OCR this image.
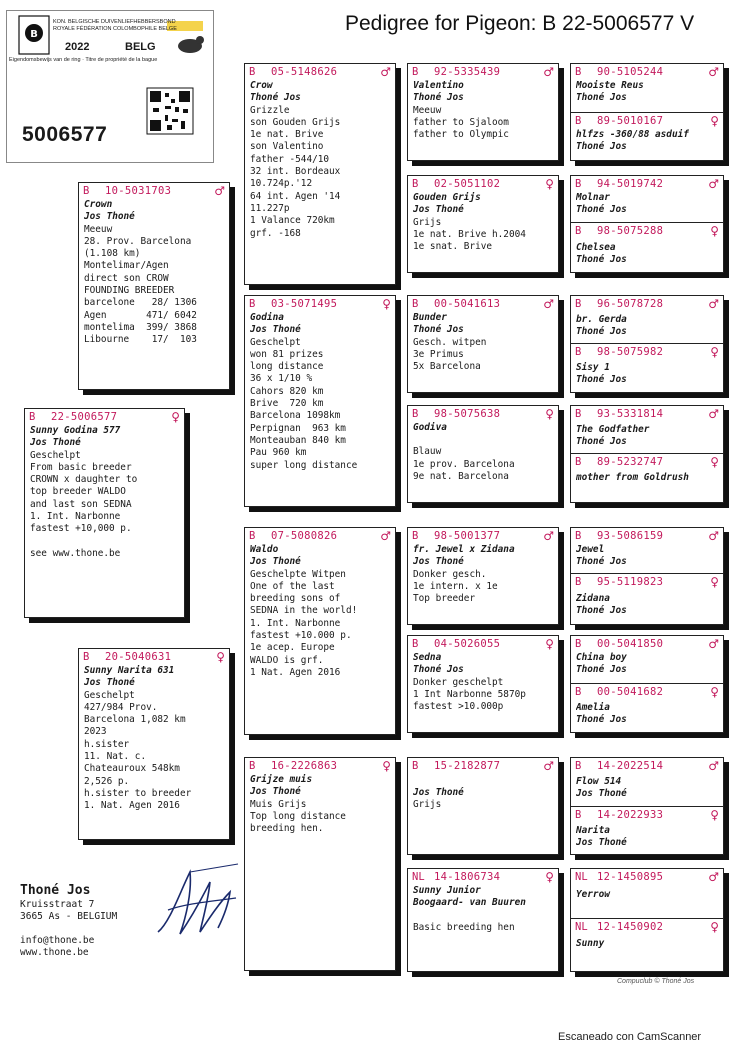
Pedigree for Pigeon: B 22-5006577 V
B
KON. BELGISCHE DUIVENLIEFHEBBERSBOND
ROYALE FÉDÉRATION COLOMBOPHILE BELGE
2022	BELG
Eigendomsbewijs van de ring · Titre de propriété de la bague
5006577
B	22-5006577	♀
Sunny Godina 577
Jos Thoné
Geschelpt
From basic breeder
CROWN x daughter to
top breeder WALDO
and last son SEDNA
1. Int. Narbonne
fastest +10,000 p.

see www.thone.be
B	10-5031703	♂
Crown
Jos Thoné
Meeuw
28. Prov. Barcelona
(1.108 km)
Montelimar/Agen
direct son CROW
FOUNDING BREEDER
barcelone   28/ 1306
Agen       471/ 6042
montelima  399/ 3868
Libourne    17/  103
B	20-5040631	♀
Sunny Narita 631
Jos Thoné
Geschelpt
427/984 Prov.
Barcelona 1,082 km
2023
h.sister
11. Nat. c.
Chateauroux 548km
2,526 p.
h.sister to breeder
1. Nat. Agen 2016
B	05-5148626	♂
Crow
Thoné Jos
Grizzle
son Gouden Grijs
1e nat. Brive
son Valentino
father -544/10
32 int. Bordeaux
10.724p.'12
64 int. Agen '14
11.227p
1 Valance 720km
grf. -168
B	03-5071495	♀
Godina
Jos Thoné
Geschelpt
won 81 prizes
long distance
36 x 1/10 %
Cahors 820 km
Brive  720 km
Barcelona 1098km
Perpignan  963 km
Monteauban 840 km
Pau 960 km
super long distance
B	07-5080826	♂
Waldo
Jos Thoné
Geschelpte Witpen
One of the last
breeding sons of
SEDNA in the world!
1. Int. Narbonne
fastest +10.000 p.
1e acep. Europe
WALDO is grf.
1 Nat. Agen 2016
B	16-2226863	♀
Grijze muis
Jos Thoné
Muis Grijs
Top long distance
breeding hen.
B	92-5335439	♂
Valentino
Thoné Jos
Meeuw
father to Sjaloom
father to Olympic
B	02-5051102	♀
Gouden Grijs
Jos Thoné
Grijs
1e nat. Brive h.2004
1e snat. Brive
B	00-5041613	♂
Bunder
Thoné Jos
Gesch. witpen
3e Primus
5x Barcelona
B	98-5075638	♀
Godiva
Blauw
1e prov. Barcelona
9e nat. Barcelona
B	98-5001377	♂
fr. Jewel x Zidana
Jos Thoné
Donker gesch.
1e intern. x 1e
Top breeder
B	04-5026055	♀
Sedna
Thoné Jos
Donker geschelpt
1 Int Narbonne 5870p
fastest >10.000p
B	15-2182877	♂
Jos Thoné
Grijs
NL 14-1806734	♀
Sunny Junior
Boogaard- van Buuren

Basic breeding hen
B	90-5105244	♂
Mooiste Reus
Thoné Jos
B	89-5010167	♀
hlfzs -360/88 asduif
Thoné Jos
B	94-5019742	♂
Molnar
Thoné Jos
B	98-5075288	♀
Chelsea
Thoné Jos
B	96-5078728	♂
br. Gerda
Thoné Jos
B	98-5075982	♀
Sisy 1
Thoné Jos
B	93-5331814	♂
The Godfather
Thoné Jos
B	89-5232747	♀
mother from Goldrush
B	93-5086159	♂
Jewel
Thoné Jos
B	95-5119823	♀
Zidana
Thoné Jos
B	00-5041850	♂
China boy
Thoné Jos
B	00-5041682	♀
Amelia
Thoné Jos
B	14-2022514	♂
Flow 514
Jos Thoné
B	14-2022933	♀
Narita
Jos Thoné
NL 12-1450895	♂
Yerrow
NL 12-1450902	♀
Sunny
Thoné Jos
Kruisstraat 7
3665 As - BELGIUM
info@thone.be
www.thone.be
Compuclub © Thoné Jos
Escaneado con CamScanner
